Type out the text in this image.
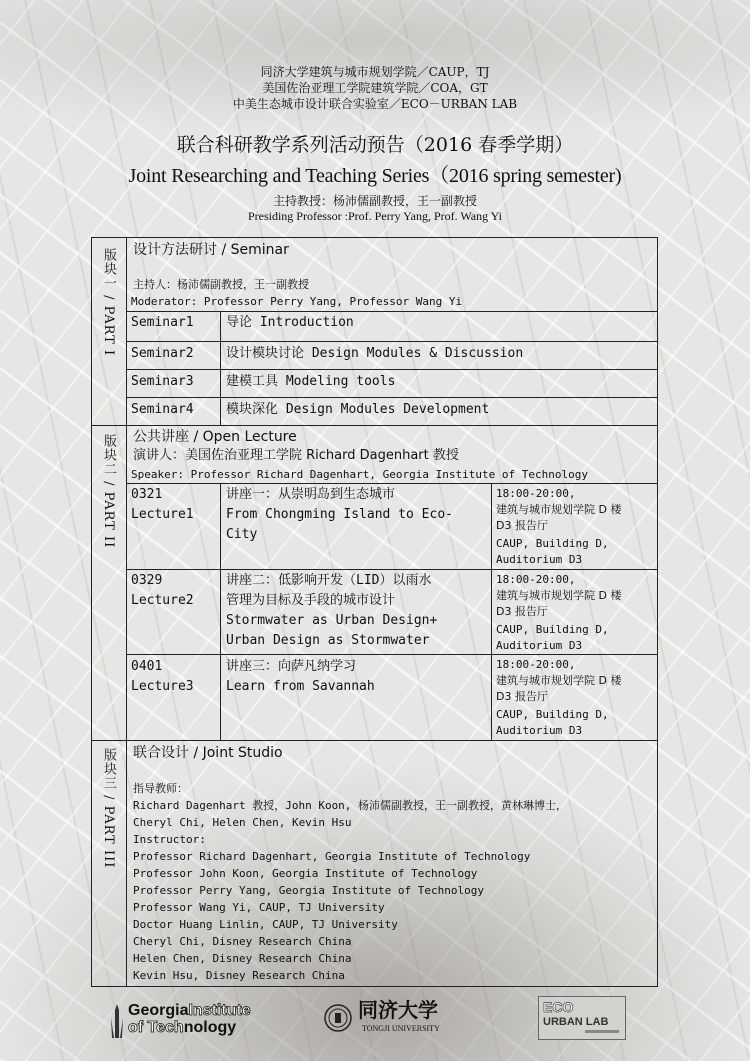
同济大学建筑与城市规划学院／CAUP，TJ
美国佐治亚理工学院建筑学院／COA，GT
中美生态城市设计联合实验室／ECO－URBAN LAB
联合科研教学系列活动预告（2016 春季学期）
Joint Researching and Teaching Series（2016 spring semester)
主持教授：杨沛儒副教授，王一副教授
Presiding Professor :Prof. Perry Yang, Prof. Wang Yi
版块一 / PART I 设计方法研讨 / Seminar
主持人：杨沛儒副教授，王一副教授
Moderator: Professor Perry Yang, Professor Wang Yi
Seminar1 导论 Introduction
Seminar2 设计模块讨论 Design Modules & Discussion
Seminar3 建模工具 Modeling tools
Seminar4 模块深化 Design Modules Development
版块二 / PART II 公共讲座 / Open Lecture
演讲人：美国佐治亚理工学院 Richard Dagenhart 教授
Speaker: Professor Richard Dagenhart, Georgia Institute of Technology
0321
Lecture1
讲座一：从崇明岛到生态城市
From Chongming Island to Eco-
City
18:00-20:00,
建筑与城市规划学院 D 楼
D3 报告厅
CAUP, Building D,
Auditorium D3
0329
Lecture2
讲座二：低影响开发（LID）以雨水
管理为目标及手段的城市设计
Stormwater as Urban Design+
Urban Design as Stormwater
18:00-20:00,
建筑与城市规划学院 D 楼
D3 报告厅
CAUP, Building D,
Auditorium D3
0401
Lecture3
讲座三：向萨凡纳学习
Learn from Savannah
18:00-20:00,
建筑与城市规划学院 D 楼
D3 报告厅
CAUP, Building D,
Auditorium D3
版块三 / PART III 联合设计 / Joint Studio
指导教师：
Richard Dagenhart 教授，John Koon, 杨沛儒副教授，王一副教授，黄林琳博士，
Cheryl Chi, Helen Chen, Kevin Hsu
Instructor:
Professor Richard Dagenhart, Georgia Institute of Technology
Professor John Koon, Georgia Institute of Technology
Professor Perry Yang, Georgia Institute of Technology
Professor Wang Yi, CAUP, TJ University
Doctor Huang Linlin, CAUP, TJ University
Cheryl Chi, Disney Research China
Helen Chen, Disney Research China
Kevin Hsu, Disney Research China
GeorgiaInstitute
of Technology
同济大学
TONGJI UNIVERSITY
ECO
URBAN LAB
